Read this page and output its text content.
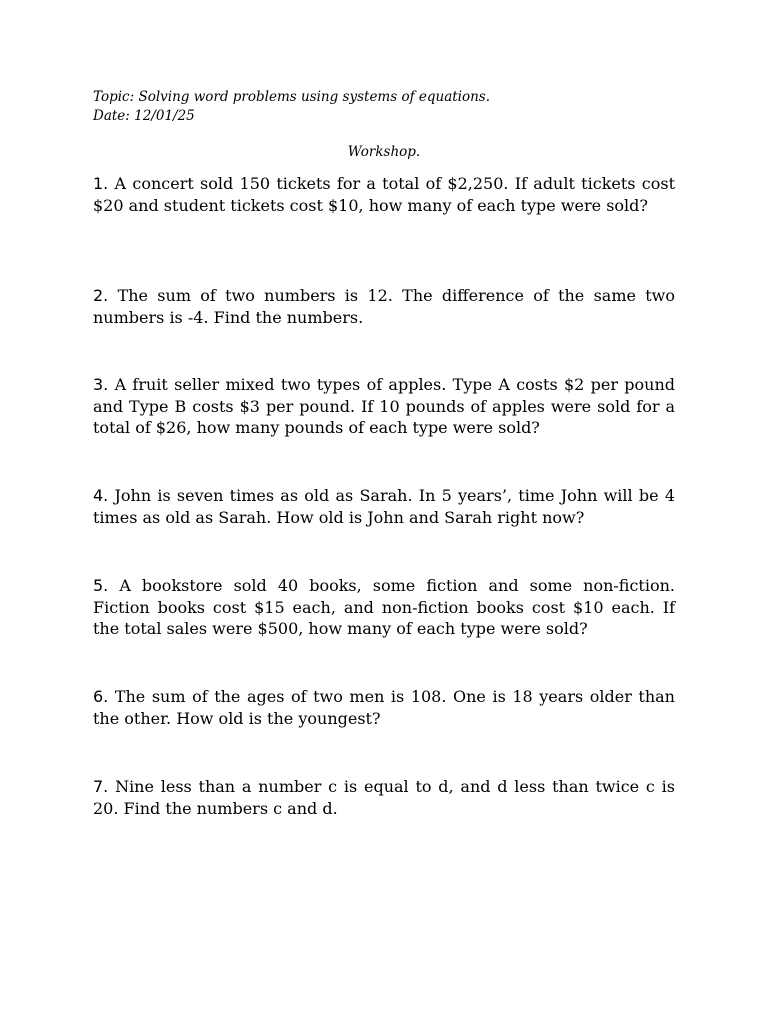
Topic: Solving word problems using systems of equations.
Date: 12/01/25
Workshop.
1. A concert sold 150 tickets for a total of $2,250. If adult tickets cost $20 and student tickets cost $10, how many of each type were sold?
2. The sum of two numbers is 12. The difference of the same two numbers is -4. Find the numbers.
3. A fruit seller mixed two types of apples. Type A costs $2 per pound and Type B costs $3 per pound. If 10 pounds of apples were sold for a total of $26, how many pounds of each type were sold?
4. John is seven times as old as Sarah. In 5 years’, time John will be 4 times as old as Sarah. How old is John and Sarah right now?
5. A bookstore sold 40 books, some fiction and some non-fiction. Fiction books cost $15 each, and non-fiction books cost $10 each. If the total sales were $500, how many of each type were sold?
6. The sum of the ages of two men is 108. One is 18 years older than the other. How old is the youngest?
7. Nine less than a number c is equal to d, and d less than twice c is 20. Find the numbers c and d.
